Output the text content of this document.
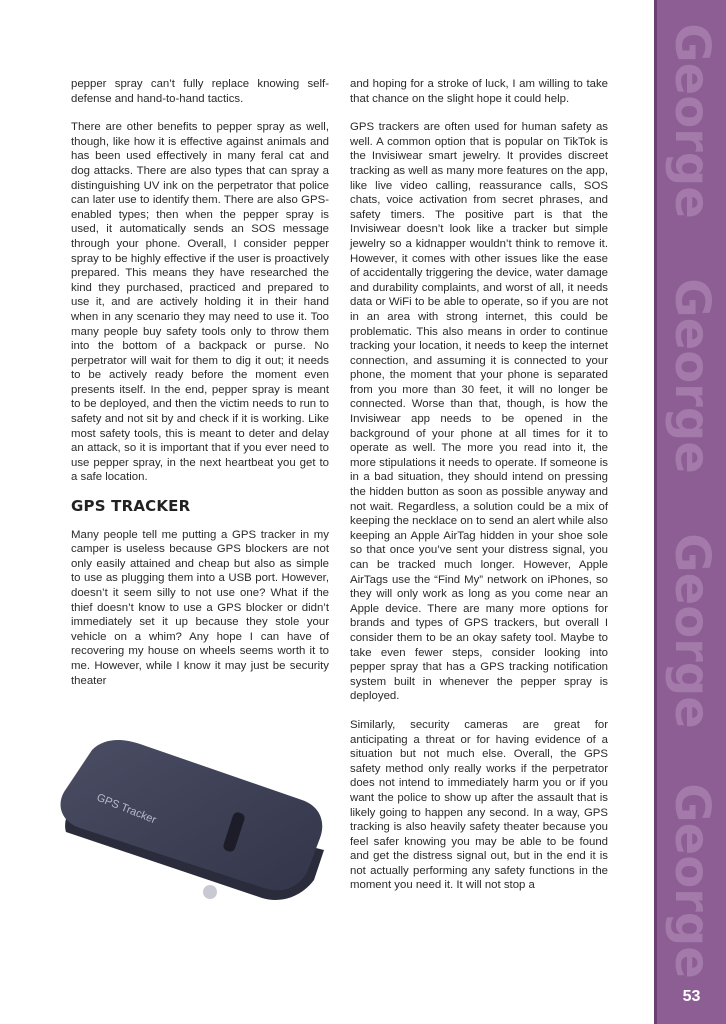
pepper spray can’t fully replace knowing self-defense and hand-to-hand tactics.

There are other benefits to pepper spray as well, though, like how it is effective against animals and has been used effectively in many feral cat and dog attacks. There are also types that can spray a distinguishing UV ink on the perpetrator that police can later use to identify them. There are also GPS-enabled types; then when the pepper spray is used, it automatically sends an SOS message through your phone. Overall, I consider pepper spray to be highly effective if the user is proactively prepared. This means they have researched the kind they purchased, practiced and prepared to use it, and are actively holding it in their hand when in any scenario they may need to use it. Too many people buy safety tools only to throw them into the bottom of a backpack or purse. No perpetrator will wait for them to dig it out; it needs to be actively ready before the moment even presents itself. In the end, pepper spray is meant to be deployed, and then the victim needs to run to safety and not sit by and check if it is working. Like most safety tools, this is meant to deter and delay an attack, so it is important that if you ever need to use pepper spray, in the next heartbeat you get to a safe location.

GPS TRACKER

Many people tell me putting a GPS tracker in my camper is useless because GPS blockers are not only easily attained and cheap but also as simple to use as plugging them into a USB port. However, doesn’t it seem silly to not use one? What if the thief doesn’t know to use a GPS blocker or didn’t immediately set it up because they stole your vehicle on a whim? Any hope I can have of recovering my house on wheels seems worth it to me. However, while I know it may just be security theater

GPS Tracker

and hoping for a stroke of luck, I am willing to take that chance on the slight hope it could help.

GPS trackers are often used for human safety as well. A common option that is popular on TikTok is the Invisiwear smart jewelry. It provides discreet tracking as well as many more features on the app, like live video calling, reassurance calls, SOS chats, voice activation from secret phrases, and safety timers. The positive part is that the Invisiwear doesn’t look like a tracker but simple jewelry so a kidnapper wouldn’t think to remove it. However, it comes with other issues like the ease of accidentally triggering the device, water damage and durability complaints, and worst of all, it needs data or WiFi to be able to operate, so if you are not in an area with strong internet, this could be problematic. This also means in order to continue tracking your location, it needs to keep the internet connection, and assuming it is connected to your phone, the moment that your phone is separated from you more than 30 feet, it will no longer be connected. Worse than that, though, is how the Invisiwear app needs to be opened in the background of your phone at all times for it to operate as well. The more you read into it, the more stipulations it needs to operate. If someone is in a bad situation, they should intend on pressing the hidden button as soon as possible anyway and not wait. Regardless, a solution could be a mix of keeping the necklace on to send an alert while also keeping an Apple AirTag hidden in your shoe sole so that once you’ve sent your distress signal, you can be tracked much longer. However, Apple AirTags use the “Find My” network on iPhones, so they will only work as long as you come near an Apple device. There are many more options for brands and types of GPS trackers, but overall I consider them to be an okay safety tool. Maybe to take even fewer steps, consider looking into pepper spray that has a GPS tracking notification system built in whenever the pepper spray is deployed.

Similarly, security cameras are great for anticipating a threat or for having evidence of a situation but not much else. Overall, the GPS safety method only really works if the perpetrator does not intend to immediately harm you or if you want the police to show up after the assault that is likely going to happen any second. In a way, GPS tracking is also heavily safety theater because you feel safer knowing you may be able to be found and get the distress signal out, but in the end it is not actually performing any safety functions in the moment you need it. It will not stop a

George
George
George
George
53
